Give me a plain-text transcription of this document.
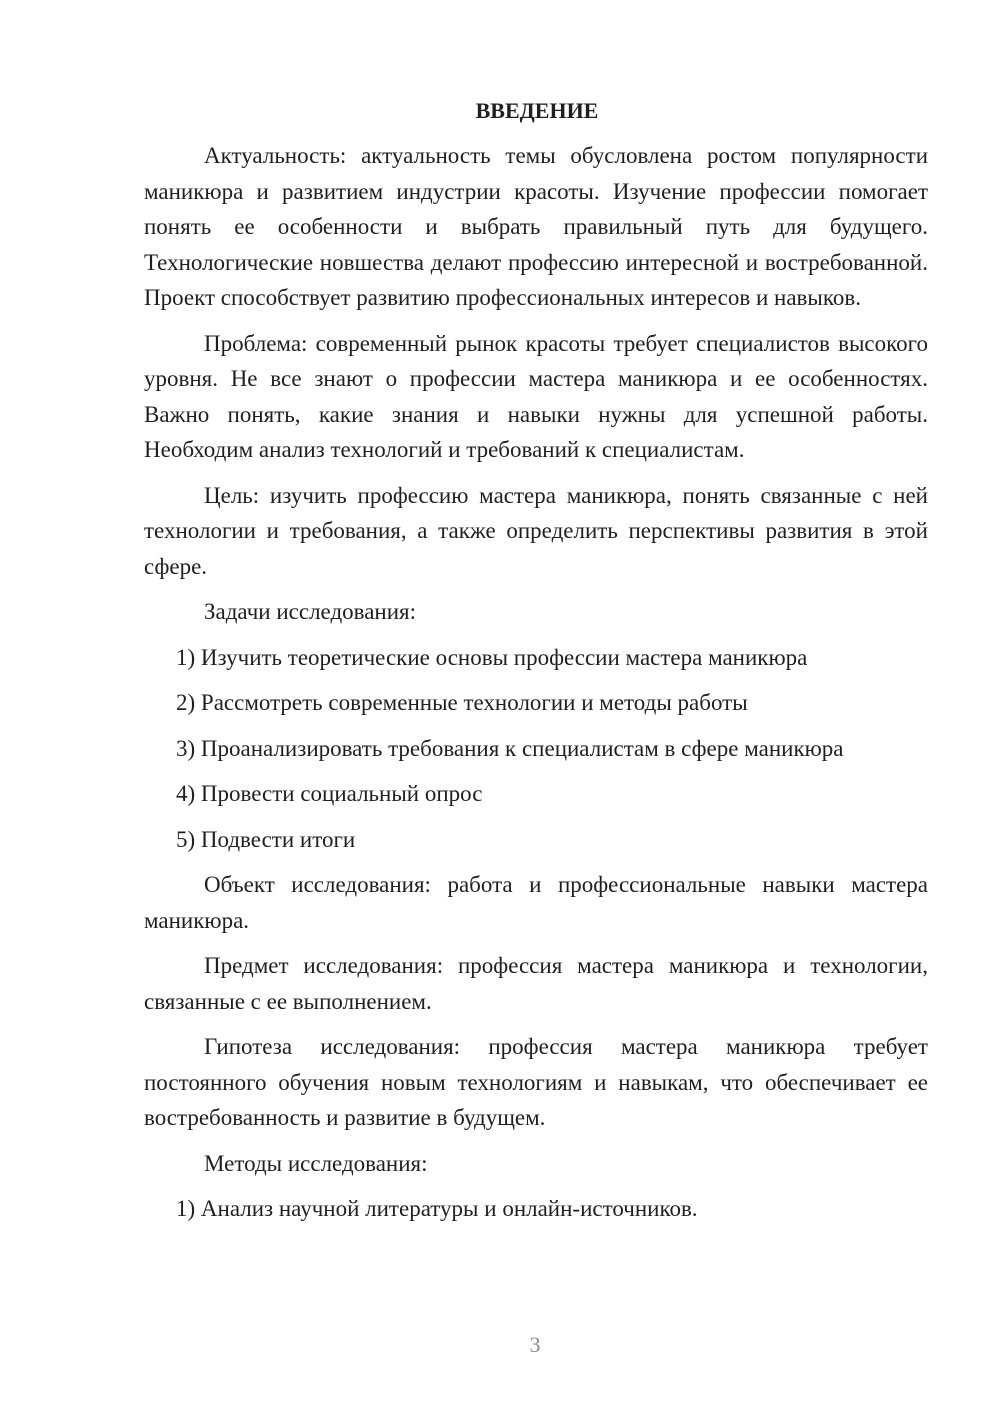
ВВЕДЕНИЕ

Актуальность: актуальность темы обусловлена ростом популярности маникюра и развитием индустрии красоты. Изучение профессии помогает понять ее особенности и выбрать правильный путь для будущего. Технологические новшества делают профессию интересной и востребованной. Проект способствует развитию профессиональных интересов и навыков.

Проблема: современный рынок красоты требует специалистов высокого уровня. Не все знают о профессии мастера маникюра и ее особенностях. Важно понять, какие знания и навыки нужны для успешной работы. Необходим анализ технологий и требований к специалистам.

Цель: изучить профессию мастера маникюра, понять связанные с ней технологии и требования, а также определить перспективы развития в этой сфере.

Задачи исследования:

1) Изучить теоретические основы профессии мастера маникюра
2) Рассмотреть современные технологии и методы работы
3) Проанализировать требования к специалистам в сфере маникюра
4) Провести социальный опрос
5) Подвести итоги

Объект исследования: работа и профессиональные навыки мастера маникюра.

Предмет исследования: профессия мастера маникюра и технологии, связанные с ее выполнением.

Гипотеза исследования: профессия мастера маникюра требует постоянного обучения новым технологиям и навыкам, что обеспечивает ее востребованность и развитие в будущем.

Методы исследования:

1) Анализ научной литературы и онлайн-источников.
3
